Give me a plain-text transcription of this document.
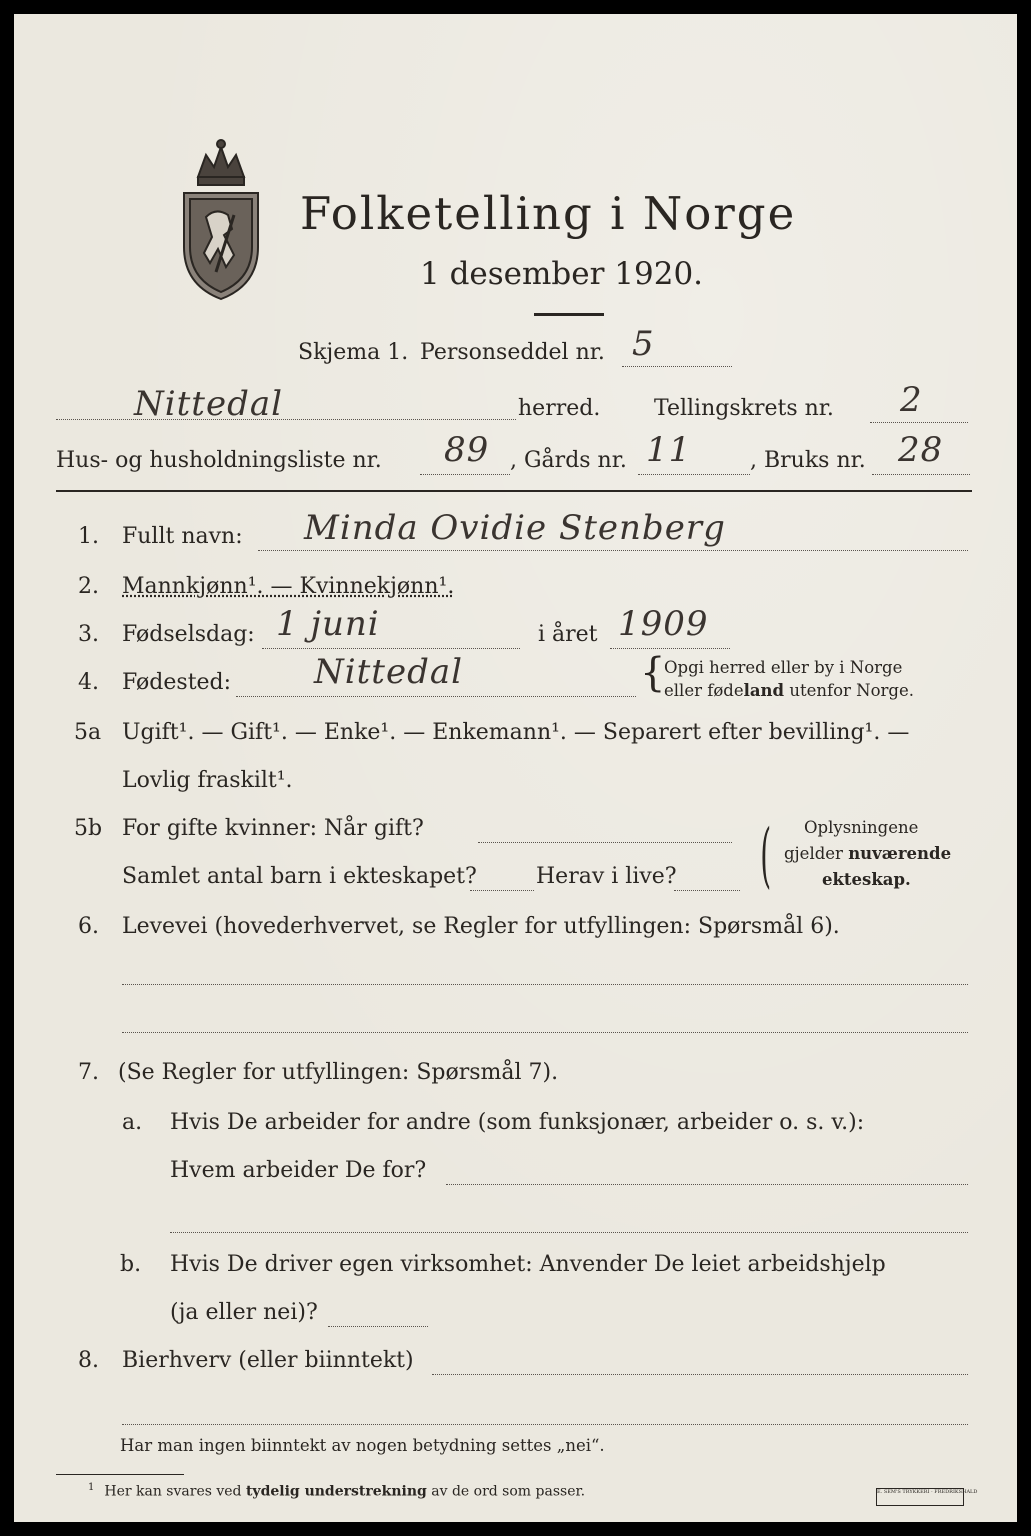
Folketelling i Norge
1 desember 1920.
Skjema 1. Personseddel nr. 5
Nittedal	herred. Tellingskrets nr. 2
Hus- og husholdningsliste nr. 89 , Gårds nr. 11	, Bruks nr. 28
1. Fullt navn: Minda Ovidie Stenberg
2. Mannkjønn¹. — Kvinnekjønn¹.
3. Fødselsdag: 1 juni	i året 1909
4. Fødested: Nittedal	{
Opgi herred eller by i Norge
eller fødeland utenfor Norge.
5a Ugift¹. — Gift¹. — Enke¹. — Enkemann¹. — Separert efter bevilling¹. —
Lovlig fraskilt¹.
5b For gifte kvinner: Når gift?
Samlet antal barn i ekteskapet?	Herav i live? ( Oplysningene
gjelder nuværende
ekteskap.
6. Levevei (hovederhvervet, se Regler for utfyllingen: Spørsmål 6).
7. (Se Regler for utfyllingen: Spørsmål 7).
a. Hvis De arbeider for andre (som funksjonær, arbeider o. s. v.):
Hvem arbeider De for?
b. Hvis De driver egen virksomhet: Anvender De leiet arbeidshjelp
(ja eller nei)?
8. Bierhverv (eller biinntekt)
Har man ingen biinntekt av nogen betydning settes „nei“.
$^1$ Her kan svares ved tydelig understrekning av de ord som passer.	E. SEM'S TRYKKERI · FREDRIKSHALD
